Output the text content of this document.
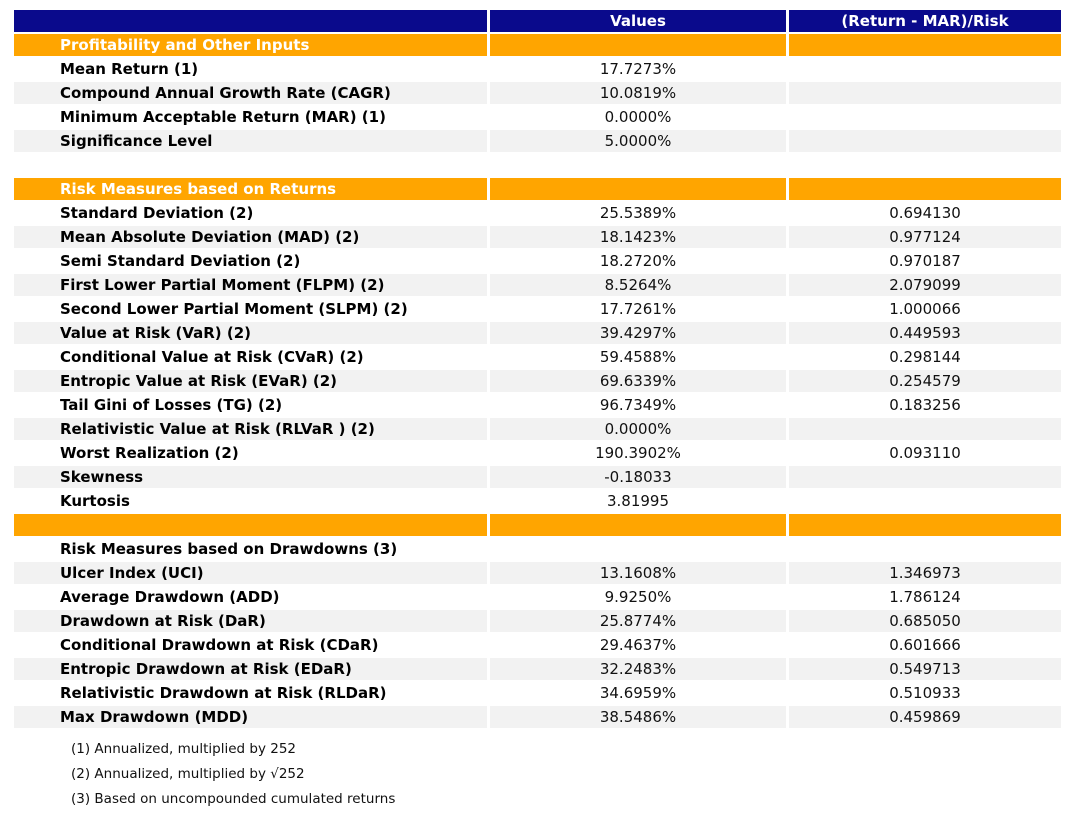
	Values	(Return - MAR)/Risk
Profitability and Other Inputs		
Mean Return (1)	17.7273%	
Compound Annual Growth Rate (CAGR)	10.0819%	
Minimum Acceptable Return (MAR) (1)	0.0000%	
Significance Level	5.0000%	

Risk Measures based on Returns		
Standard Deviation (2)	25.5389%	0.694130
Mean Absolute Deviation (MAD) (2)	18.1423%	0.977124
Semi Standard Deviation (2)	18.2720%	0.970187
First Lower Partial Moment (FLPM) (2)	8.5264%	2.079099
Second Lower Partial Moment (SLPM) (2)	17.7261%	1.000066
Value at Risk (VaR) (2)	39.4297%	0.449593
Conditional Value at Risk (CVaR) (2)	59.4588%	0.298144
Entropic Value at Risk (EVaR) (2)	69.6339%	0.254579
Tail Gini of Losses (TG) (2)	96.7349%	0.183256
Relativistic Value at Risk (RLVaR ) (2)	0.0000%	
Worst Realization (2)	190.3902%	0.093110
Skewness	-0.18033	
Kurtosis	3.81995	

Risk Measures based on Drawdowns (3)		
Ulcer Index (UCI)	13.1608%	1.346973
Average Drawdown (ADD)	9.9250%	1.786124
Drawdown at Risk (DaR)	25.8774%	0.685050
Conditional Drawdown at Risk (CDaR)	29.4637%	0.601666
Entropic Drawdown at Risk (EDaR)	32.2483%	0.549713
Relativistic Drawdown at Risk (RLDaR)	34.6959%	0.510933
Max Drawdown (MDD)	38.5486%	0.459869
(1) Annualized, multiplied by 252
(2) Annualized, multiplied by √252
(3) Based on uncompounded cumulated returns
